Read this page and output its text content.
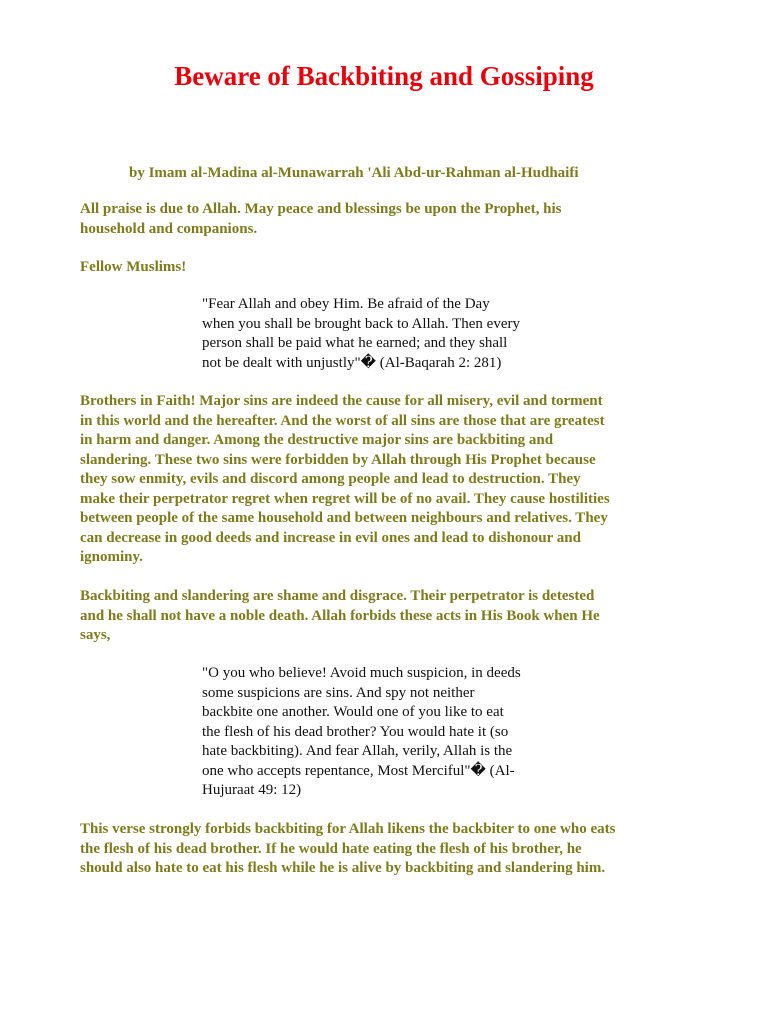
Beware of Backbiting and Gossiping

by Imam al-Madina al-Munawarrah 'Ali Abd-ur-Rahman al-Hudhaifi

All praise is due to Allah. May peace and blessings be upon the Prophet, his
household and companions.

Fellow Muslims!

"Fear Allah and obey Him. Be afraid of the Day
when you shall be brought back to Allah. Then every
person shall be paid what he earned; and they shall
not be dealt with unjustly"� (Al-Baqarah 2: 281)

Brothers in Faith! Major sins are indeed the cause for all misery, evil and torment
in this world and the hereafter. And the worst of all sins are those that are greatest
in harm and danger. Among the destructive major sins are backbiting and
slandering. These two sins were forbidden by Allah through His Prophet because
they sow enmity, evils and discord among people and lead to destruction. They
make their perpetrator regret when regret will be of no avail. They cause hostilities
between people of the same household and between neighbours and relatives. They
can decrease in good deeds and increase in evil ones and lead to dishonour and
ignominy.

Backbiting and slandering are shame and disgrace. Their perpetrator is detested
and he shall not have a noble death. Allah forbids these acts in His Book when He
says,

"O you who believe! Avoid much suspicion, in deeds
some suspicions are sins. And spy not neither
backbite one another. Would one of you like to eat
the flesh of his dead brother? You would hate it (so
hate backbiting). And fear Allah, verily, Allah is the
one who accepts repentance, Most Merciful"� (Al-
Hujuraat 49: 12)

This verse strongly forbids backbiting for Allah likens the backbiter to one who eats
the flesh of his dead brother. If he would hate eating the flesh of his brother, he
should also hate to eat his flesh while he is alive by backbiting and slandering him.
